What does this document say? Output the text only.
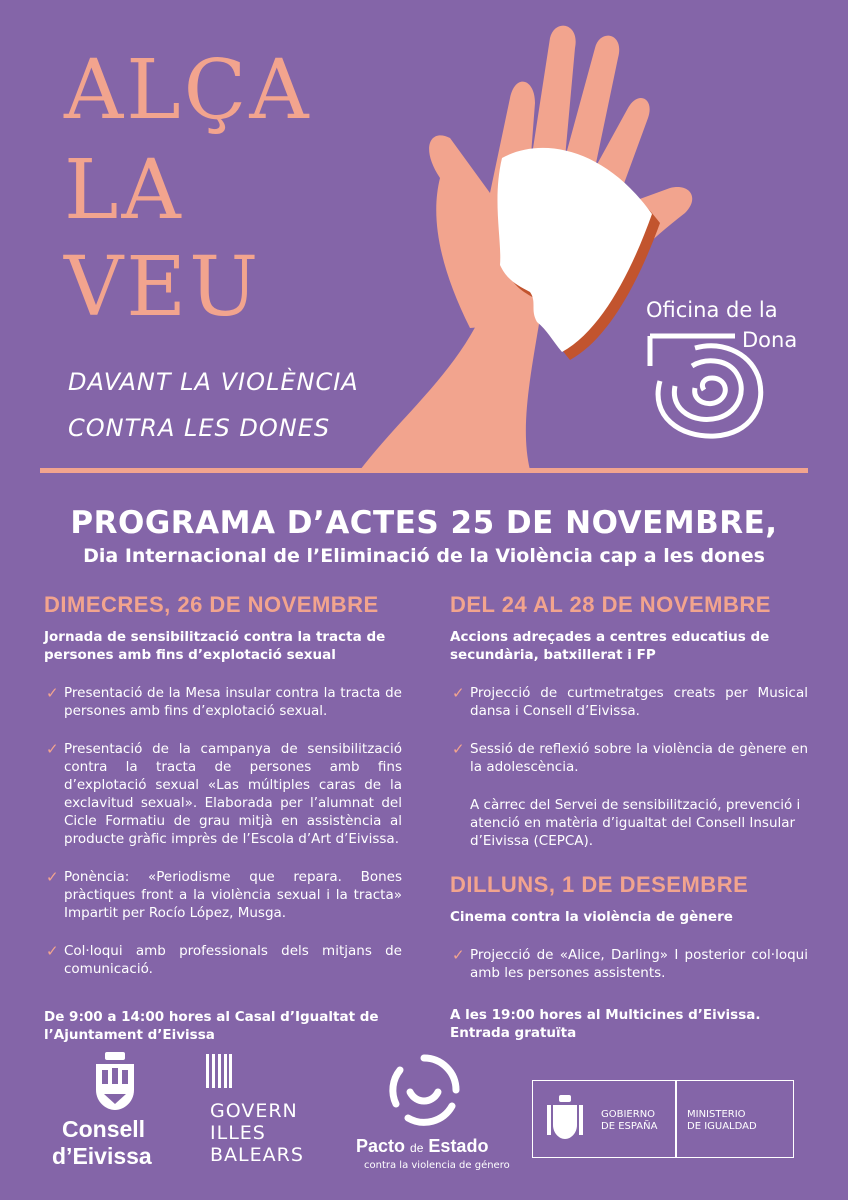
ALÇA
LA
VEU
DAVANT LA VIOLÈNCIA
CONTRA LES DONES
Oficina de la
Dona
PROGRAMA D’ACTES 25 DE NOVEMBRE,
Dia Internacional de l’Eliminació de la Violència cap a les dones
DIMECRES, 26 DE NOVEMBRE
Jornada de sensibilització contra la tracta de persones amb fins d’explotació sexual
✓ Presentació de la Mesa insular contra la tracta de persones amb fins d’explotació sexual.
✓ Presentació de la campanya de sensibilització contra la tracta de persones amb fins d’explotació sexual «Las múltiples caras de la exclavitud sexual». Elaborada per l’alumnat del Cicle Formatiu de grau mitjà en assistència al producte gràfic imprès de l’Escola d’Art d’Eivissa.
✓ Ponència: «Periodisme que repara. Bones pràctiques front a la violència sexual i la tracta» Impartit per Rocío López, Musga.
✓ Col·loqui amb professionals dels mitjans de comunicació.
De 9:00 a 14:00 hores al Casal d’Igualtat de l’Ajuntament d’Eivissa
DEL 24 AL 28 DE NOVEMBRE
Accions adreçades a centres educatius de secundària, batxillerat i FP
✓ Projecció de curtmetratges creats per Musical dansa i Consell d’Eivissa.
✓ Sessió de reflexió sobre la violència de gènere en la adolescència.
A càrrec del Servei de sensibilització, prevenció i atenció en matèria d’igualtat del Consell Insular d’Eivissa (CEPCA).
DILLUNS, 1 DE DESEMBRE
Cinema contra la violència de gènere
✓ Projecció de «Alice, Darling» I posterior col·loqui amb les persones assistents.
A les 19:00 hores al Multicines d’Eivissa. Entrada gratuïta
Consell
d’Eivissa
GOVERN
ILLES
BALEARS	Pacto de Estado
contra la violencia de género
GOBIERNO
DE ESPAÑA
MINISTERIO
DE IGUALDAD
